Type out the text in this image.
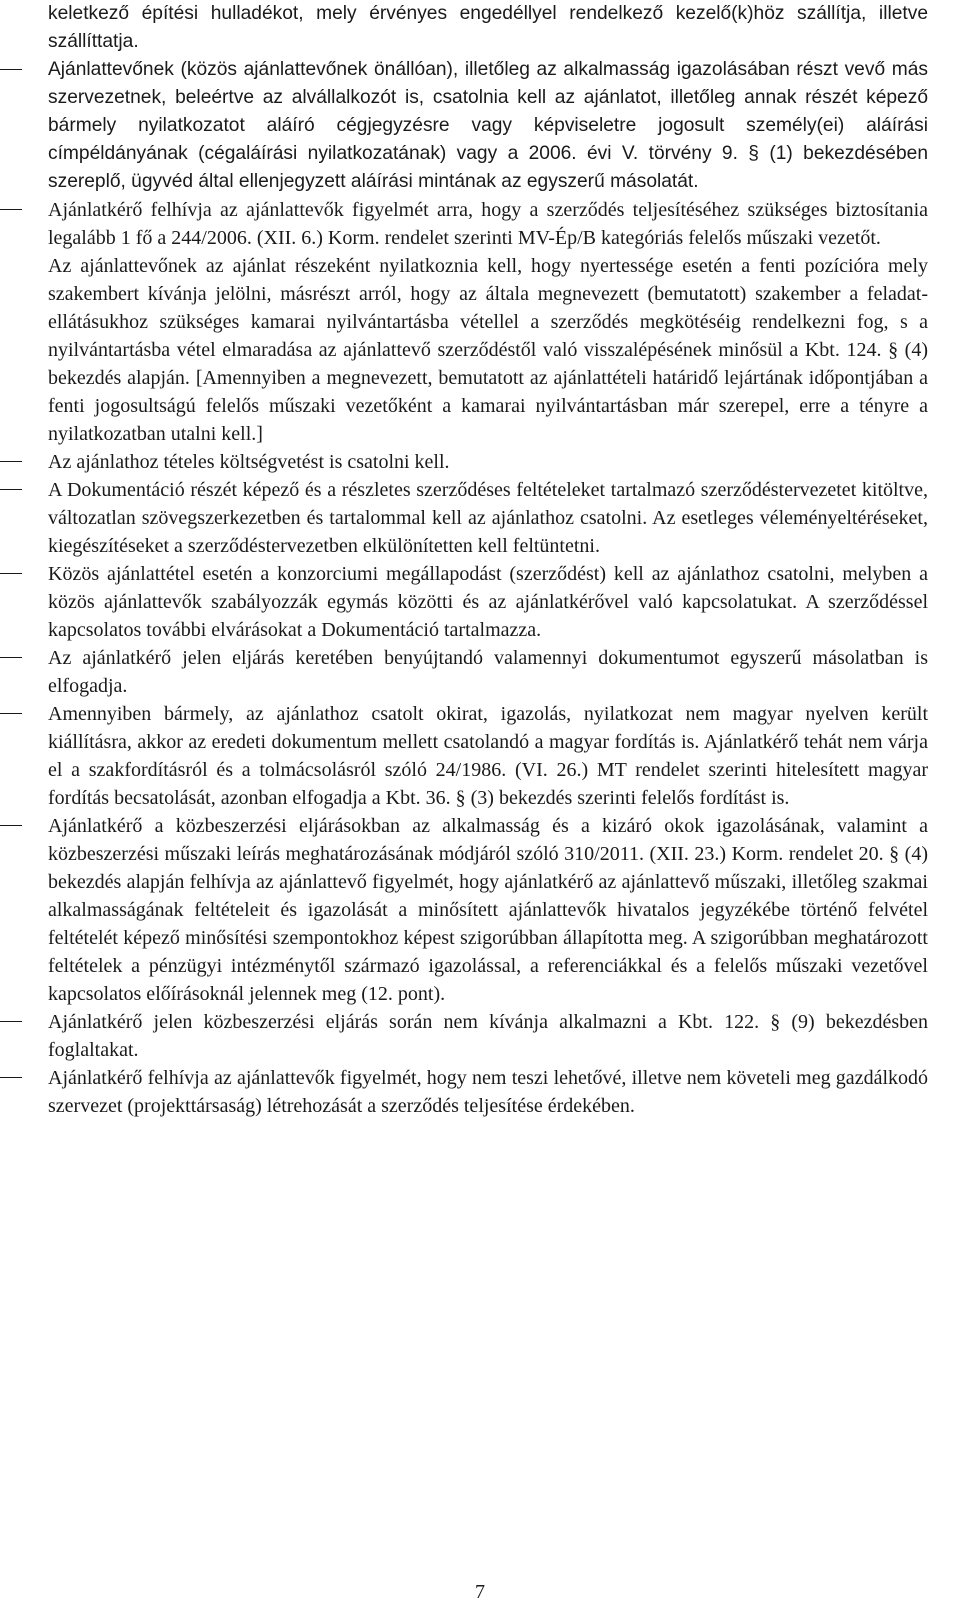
keletkező építési hulladékot, mely érvényes engedéllyel rendelkező kezelő(k)höz szállítja, illetve szállíttatja.

Ajánlattevőnek (közös ajánlattevőnek önállóan), illetőleg az alkalmasság igazolásában részt vevő más szervezetnek, beleértve az alvállalkozót is, csatolnia kell az ajánlatot, illetőleg annak részét képező bármely nyilatkozatot aláíró cégjegyzésre vagy képviseletre jogosult személy(ei) aláírási címpéldányának (cégaláírási nyilatkozatának) vagy a 2006. évi V. törvény 9. § (1) bekezdésében szereplő, ügyvéd által ellenjegyzett aláírási mintának az egyszerű másolatát.

Ajánlatkérő felhívja az ajánlattevők figyelmét arra, hogy a szerződés teljesítéséhez szükséges biztosítania legalább 1 fő a 244/2006. (XII. 6.) Korm. rendelet szerinti MV-Ép/B kategóriás felelős műszaki vezetőt.

Az ajánlattevőnek az ajánlat részeként nyilatkoznia kell, hogy nyertessége esetén a fenti pozícióra mely szakembert kívánja jelölni, másrészt arról, hogy az általa megnevezett (bemutatott) szakember a feladat-ellátásukhoz szükséges kamarai nyilvántartásba vétellel a szerződés megkötéséig rendelkezni fog, s a nyilvántartásba vétel elmaradása az ajánlattevő szerződéstől való visszalépésének minősül a Kbt. 124. § (4) bekezdés alapján. [Amennyiben a megnevezett, bemutatott az ajánlattételi határidő lejártának időpontjában a fenti jogosultságú felelős műszaki vezetőként a kamarai nyilvántartásban már szerepel, erre a tényre a nyilatkozatban utalni kell.]

Az ajánlathoz tételes költségvetést is csatolni kell.

A Dokumentáció részét képező és a részletes szerződéses feltételeket tartalmazó szerződéstervezetet kitöltve, változatlan szövegszerkezetben és tartalommal kell az ajánlathoz csatolni. Az esetleges véleményeltéréseket, kiegészítéseket a szerződéstervezetben elkülönítetten kell feltüntetni.

Közös ajánlattétel esetén a konzorciumi megállapodást (szerződést) kell az ajánlathoz csatolni, melyben a közös ajánlattevők szabályozzák egymás közötti és az ajánlatkérővel való kapcsolatukat. A szerződéssel kapcsolatos további elvárásokat a Dokumentáció tartalmazza.

Az ajánlatkérő jelen eljárás keretében benyújtandó valamennyi dokumentumot egyszerű másolatban is elfogadja.

Amennyiben bármely, az ajánlathoz csatolt okirat, igazolás, nyilatkozat nem magyar nyelven került kiállításra, akkor az eredeti dokumentum mellett csatolandó a magyar fordítás is. Ajánlatkérő tehát nem várja el a szakfordításról és a tolmácsolásról szóló 24/1986. (VI. 26.) MT rendelet szerinti hitelesített magyar fordítás becsatolását, azonban elfogadja a Kbt. 36. § (3) bekezdés szerinti felelős fordítást is.

Ajánlatkérő a közbeszerzési eljárásokban az alkalmasság és a kizáró okok igazolásának, valamint a közbeszerzési műszaki leírás meghatározásának módjáról szóló 310/2011. (XII. 23.) Korm. rendelet 20. § (4) bekezdés alapján felhívja az ajánlattevő figyelmét, hogy ajánlatkérő az ajánlattevő műszaki, illetőleg szakmai alkalmasságának feltételeit és igazolását a minősített ajánlattevők hivatalos jegyzékébe történő felvétel feltételét képező minősítési szempontokhoz képest szigorúbban állapította meg. A szigorúbban meghatározott feltételek a pénzügyi intézménytől származó igazolással, a referenciákkal és a felelős műszaki vezetővel kapcsolatos előírásoknál jelennek meg (12. pont).

Ajánlatkérő jelen közbeszerzési eljárás során nem kívánja alkalmazni a Kbt. 122. § (9) bekezdésben foglaltakat.

Ajánlatkérő felhívja az ajánlattevők figyelmét, hogy nem teszi lehetővé, illetve nem követeli meg gazdálkodó szervezet (projekttársaság) létrehozását a szerződés teljesítése érdekében.

7
